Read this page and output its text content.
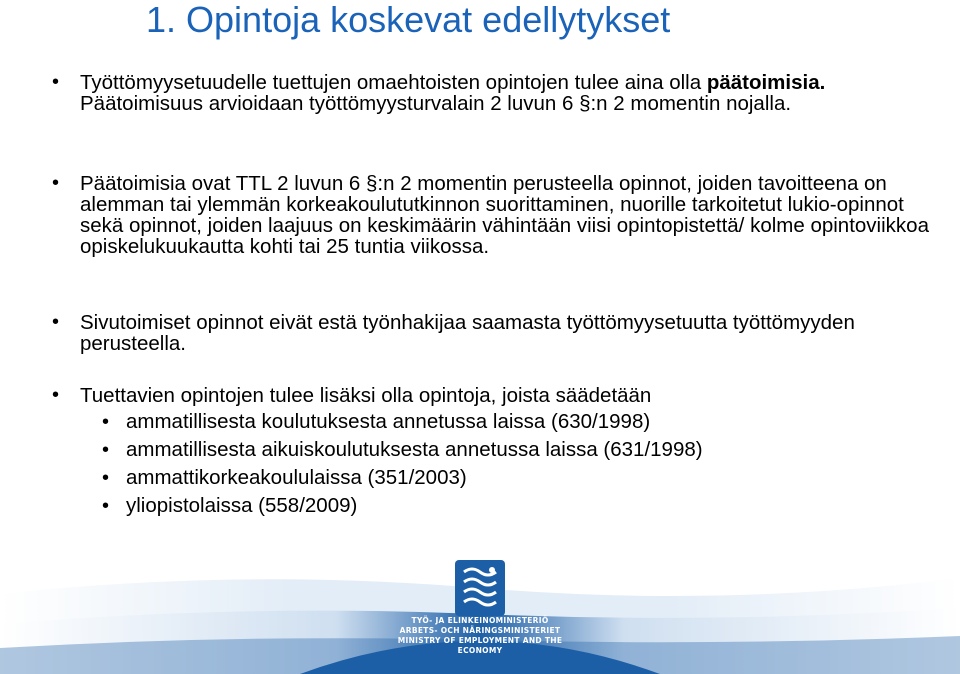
1. Opintoja koskevat edellytykset
• Työttömyysetuudelle tuettujen omaehtoisten opintojen tulee aina olla päätoimisia. Päätoimisuus arvioidaan työttömyysturvalain 2 luvun 6 §:n 2 momentin nojalla.
• Päätoimisia ovat TTL 2 luvun 6 §:n 2 momentin perusteella opinnot, joiden tavoitteena on alemman tai ylemmän korkeakoulututkinnon suorittaminen, nuorille tarkoitetut lukio-opinnot sekä opinnot, joiden laajuus on keskimäärin vähintään viisi opintopistettä/ kolme opintoviikkoa opiskelukuukautta kohti tai 25 tuntia viikossa.
• Sivutoimiset opinnot eivät estä työnhakijaa saamasta työttömyysetuutta työttömyyden perusteella.
• Tuettavien opintojen tulee lisäksi olla opintoja, joista säädetään
• ammatillisesta koulutuksesta annetussa laissa (630/1998)
• ammatillisesta aikuiskoulutuksesta annetussa laissa (631/1998)
• ammattikorkeakoululaissa (351/2003)
• yliopistolaissa (558/2009)
TYÖ- JA ELINKEINOMINISTERIÖ
ARBETS- OCH NÄRINGSMINISTERIET
MINISTRY OF EMPLOYMENT AND THE ECONOMY
